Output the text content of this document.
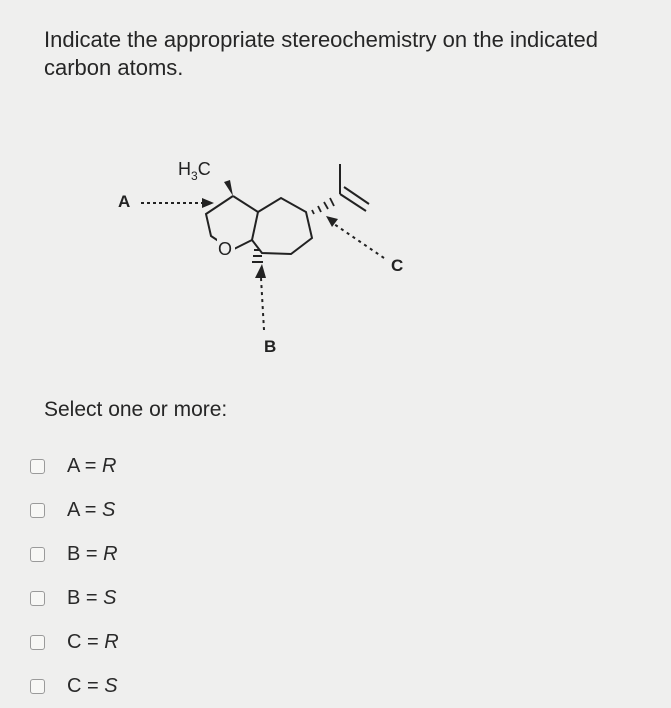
Indicate the appropriate stereochemistry on the indicated carbon atoms.
A
$H_3C$
O
B
C
Select one or more:
A = R
A = S
B = R
B = S
C = R
C = S
